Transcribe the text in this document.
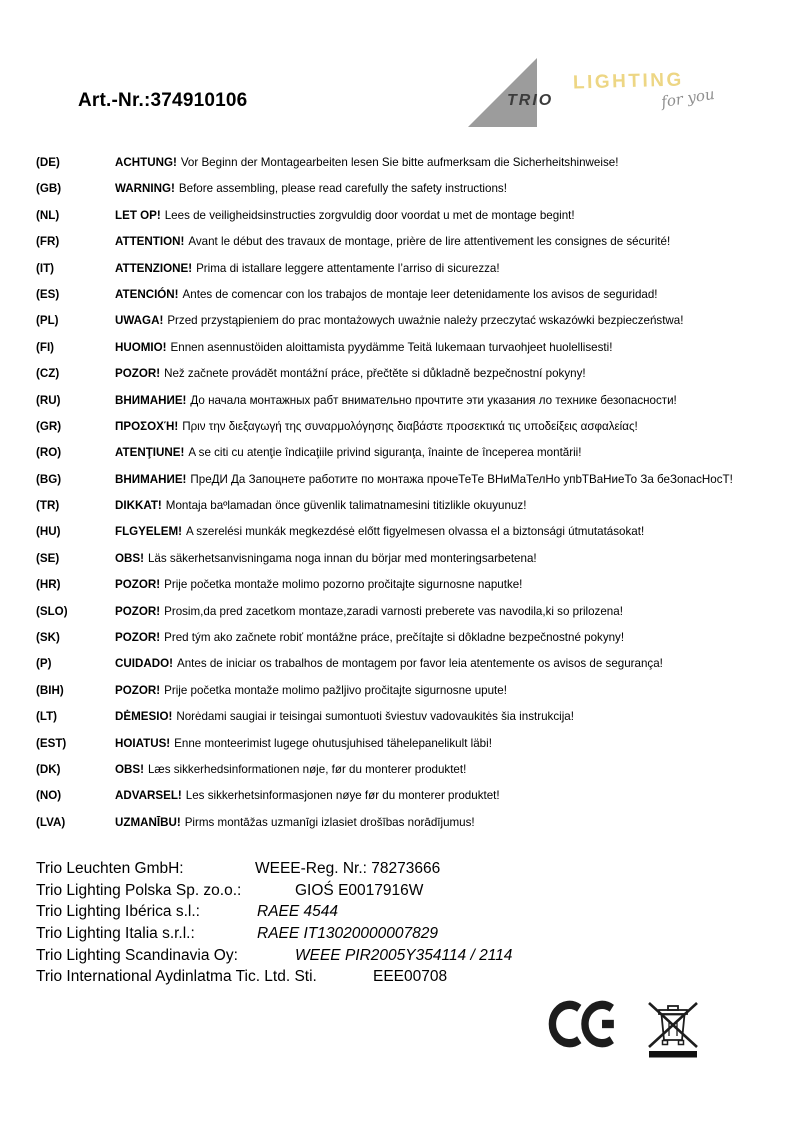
Art.-Nr.:374910106	TRIO
LIGHTING
for you
(DE)	ACHTUNG! Vor Beginn der Montagearbeiten lesen Sie bitte aufmerksam die Sicherheitshinweise!
(GB)	WARNING! Before assembling, please read carefully the safety instructions!
(NL)	LET OP! Lees de veiligheidsinstructies zorgvuldig door voordat u met de montage begint!
(FR)	ATTENTION! Avant le début des travaux de montage, prière de lire attentivement les consignes de sécurité!
(IT)	ATTENZIONE! Prima di istallare leggere attentamente l’arriso di sicurezza!
(ES)	ATENCIÓN! Antes de comencar con los trabajos de montaje leer detenidamente los avisos de seguridad!
(PL)	UWAGA! Przed przystąpieniem do prac montażowych uważnie należy przeczytać wskazówki bezpieczeństwa!
(FI)	HUOMIO! Ennen asennustöiden aloittamista pyydämme Teitä lukemaan turvaohjeet huolellisesti!
(CZ)	POZOR! Než začnete provádět montážní práce, přečtěte si důkladně bezpečnostní pokyny!
(RU)	ВНИМАНИЕ! До начала монтажных рабт внимательно прочтите эти указания ло технике безопасности!
(GR)	ΠΡΟΣΟΧΉ! Πριν την διεξαγωγή της συναρμολόγησης διαβάστε προσεκτικά τις υποδείξεις ασφαλείας!
(RO)	ATENŢIUNE! A se citi cu atenţie îndicaţiile privind siguranţa, înainte de începerea montării!
(BG)	ВНИМАНИЕ! ПреДИ Да Запоцнете работите по монтажа прочеТеТе ВНиМаТелНо упbТВаНиеТо За беЗопасНосТ!
(TR)	DIKKAT! Montaja baºlamadan önce güvenlik talimatnamesini titizlikle okuyunuz!
(HU)	FLGYELEM! A szerelési munkák megkezdésė előtt figyelmesen olvassa el a biztonsági útmutatásokat!
(SE)	OBS! Läs säkerhetsanvisningama noga innan du börjar med monteringsarbetena!
(HR)	POZOR! Prije početka montaže molimo pozorno pročitajte sigurnosne naputke!
(SLO)	POZOR! Prosim,da pred zacetkom montaze,zaradi varnosti preberete vas navodila,ki so prilozena!
(SK)	POZOR! Pred tým ako začnete robiť montážne práce, prečítajte si dôkladne bezpečnostné pokyny!
(P)	CUIDADO! Antes de iniciar os trabalhos de montagem por favor leia atentemente os avisos de segurança!
(BIH)	POZOR! Prije početka montaže molimo pažljivo pročitajte sigurnosne upute!
(LT)	DĖMESIO! Norėdami saugiai ir teisingai sumontuoti šviestuv vadovaukitės šia instrukcija!
(EST)	HOIATUS! Enne monteerimist lugege ohutusjuhised tähelepanelikult läbi!
(DK)	OBS! Læs sikkerhedsinformationen nøje, før du monterer produktet!
(NO)	ADVARSEL! Les sikkerhetsinformasjonen nøye før du monterer produktet!
(LVA)	UZMANĪBU! Pirms montāžas uzmanīgi izlasiet drošības norādījumus!
Trio Leuchten GmbH:	WEEE-Reg. Nr.: 78273666
Trio Lighting Polska Sp. zo.o.:	GIOŚ E0017916W
Trio Lighting Ibérica s.l.:	RAEE 4544
Trio Lighting Italia s.r.l.:	RAEE IT13020000007829
Trio Lighting Scandinavia Oy:	WEEE PIR2005Y354114 / 2114
Trio International Aydinlatma Tic. Ltd. Sti.	EEE00708
